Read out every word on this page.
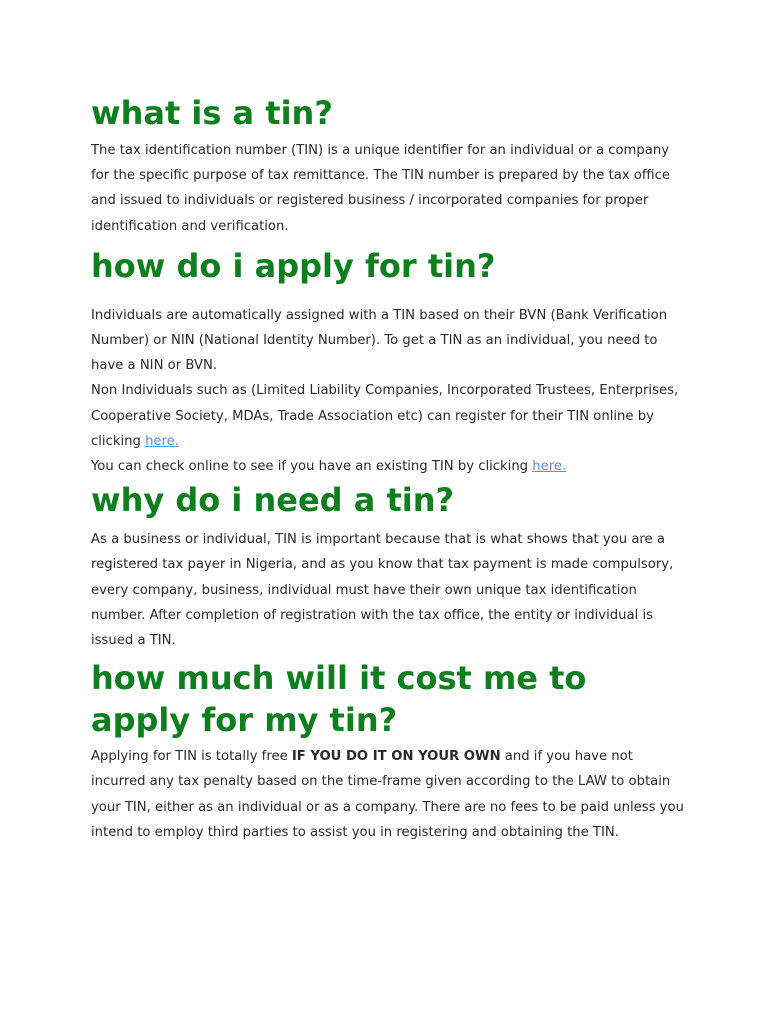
what is a tin?

The tax identification number (TIN) is a unique identifier for an individual or a company for the specific purpose of tax remittance. The TIN number is prepared by the tax office and issued to individuals or registered business / incorporated companies for proper identification and verification.

how do i apply for tin?

Individuals are automatically assigned with a TIN based on their BVN (Bank Verification Number) or NIN (National Identity Number). To get a TIN as an individual, you need to have a NIN or BVN.

Non Individuals such as (Limited Liability Companies, Incorporated Trustees, Enterprises, Cooperative Society, MDAs, Trade Association etc) can register for their TIN online by clicking here.

You can check online to see if you have an existing TIN by clicking here.

why do i need a tin?

As a business or individual, TIN is important because that is what shows that you are a registered tax payer in Nigeria, and as you know that tax payment is made compulsory, every company, business, individual must have their own unique tax identification number. After completion of registration with the tax office, the entity or individual is issued a TIN.

how much will it cost me to apply for my tin?

Applying for TIN is totally free IF YOU DO IT ON YOUR OWN and if you have not incurred any tax penalty based on the time-frame given according to the LAW to obtain your TIN, either as an individual or as a company. There are no fees to be paid unless you intend to employ third parties to assist you in registering and obtaining the TIN.
